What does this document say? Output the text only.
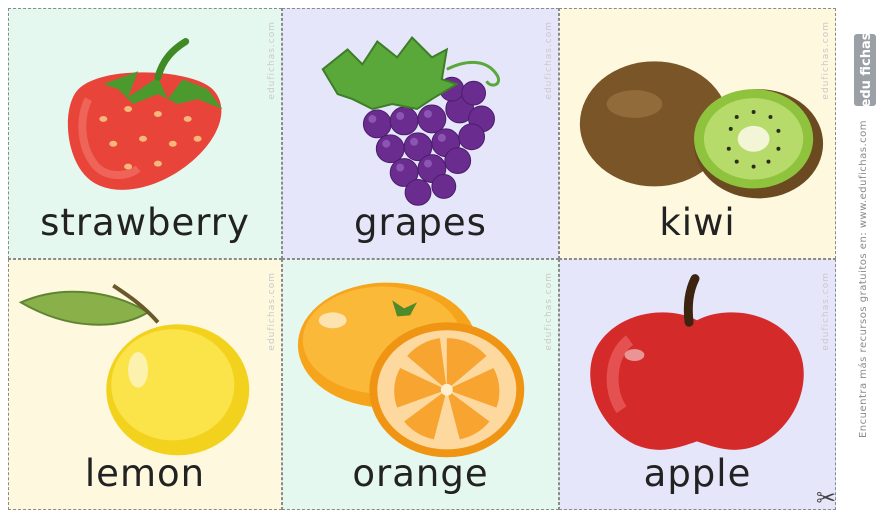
strawberry
edufichas.com
grapes
edufichas.com
kiwi
edufichas.com
lemon
edufichas.com
orange
edufichas.com
apple
edufichas.com
edu fichas
Encuentra más recursos gratuitos en: www.edufichas.com
✂
